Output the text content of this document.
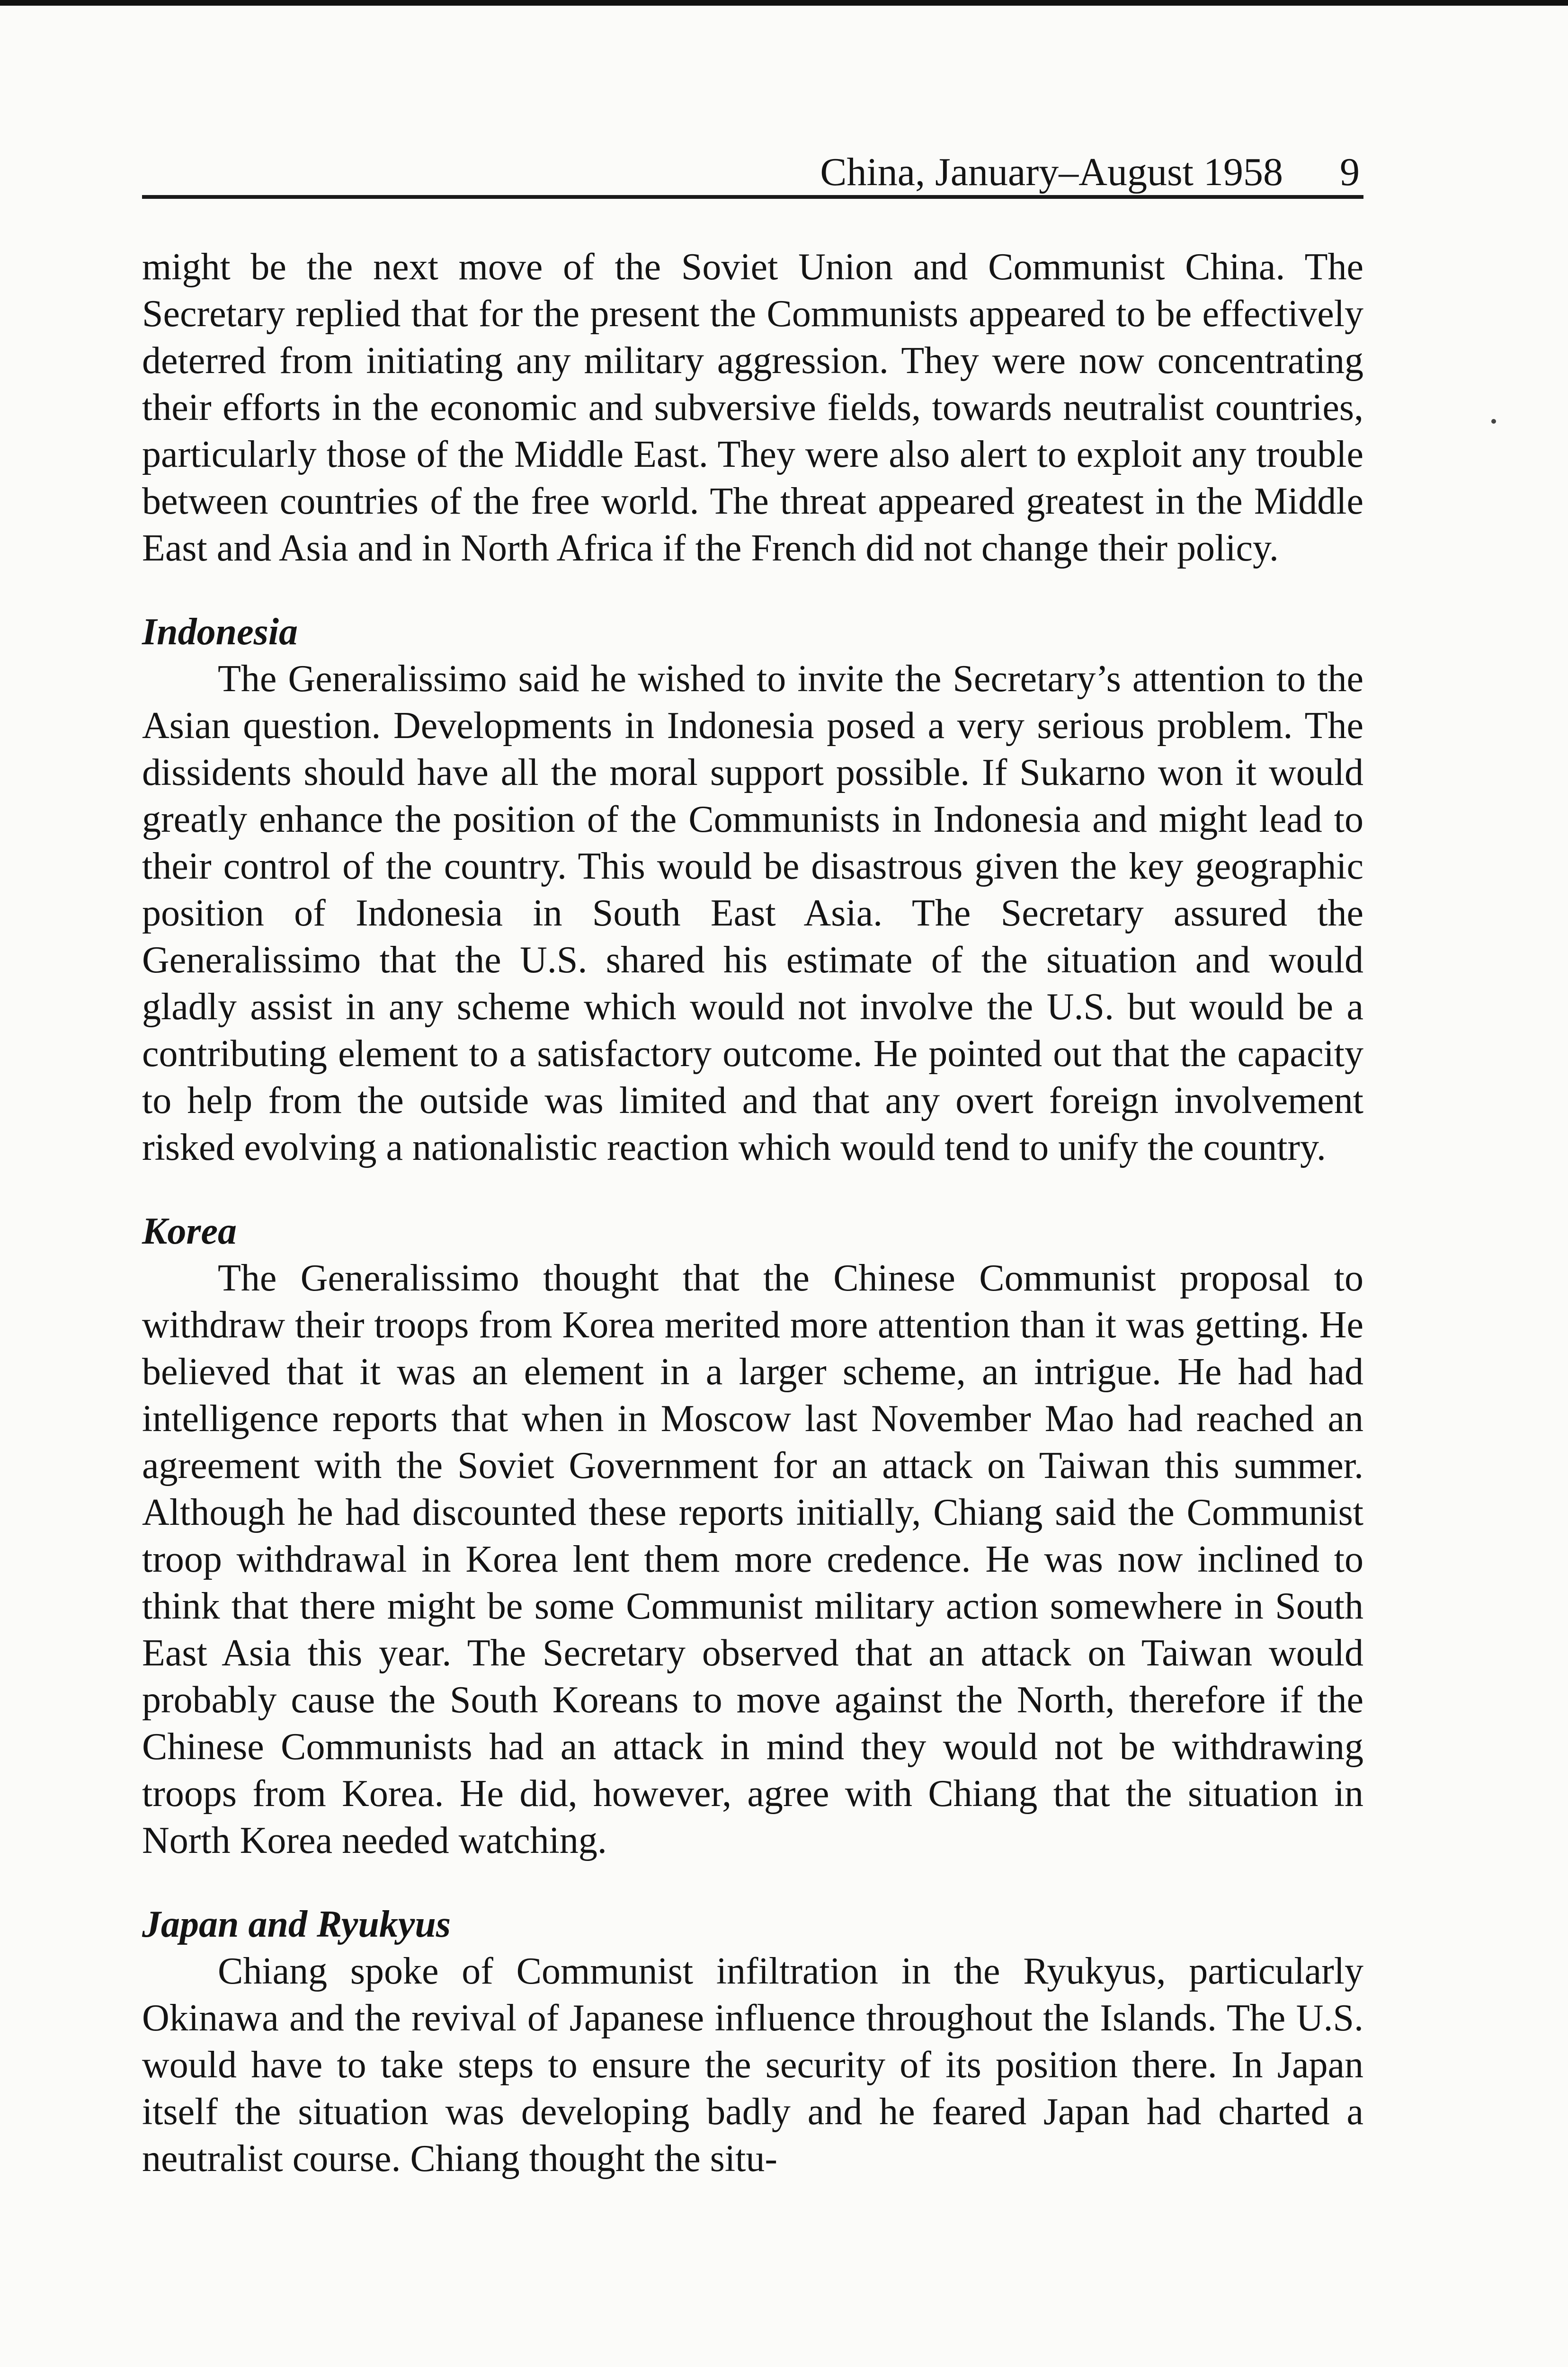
China, January–August 1958 9

might be the next move of the Soviet Union and Communist China. The Secretary replied that for the present the Communists appeared to be effectively deterred from initiating any military aggression. They were now concentrating their efforts in the economic and subversive fields, towards neutralist countries, particularly those of the Middle East. They were also alert to exploit any trouble between countries of the free world. The threat appeared greatest in the Middle East and Asia and in North Africa if the French did not change their policy.

Indonesia

The Generalissimo said he wished to invite the Secretary’s attention to the Asian question. Developments in Indonesia posed a very serious problem. The dissidents should have all the moral support possible. If Sukarno won it would greatly enhance the position of the Communists in Indonesia and might lead to their control of the country. This would be disastrous given the key geographic position of Indonesia in South East Asia. The Secretary assured the Generalissimo that the U.S. shared his estimate of the situation and would gladly assist in any scheme which would not involve the U.S. but would be a contributing element to a satisfactory outcome. He pointed out that the capacity to help from the outside was limited and that any overt foreign involvement risked evolving a nationalistic reaction which would tend to unify the country.

Korea

The Generalissimo thought that the Chinese Communist proposal to withdraw their troops from Korea merited more attention than it was getting. He believed that it was an element in a larger scheme, an intrigue. He had had intelligence reports that when in Moscow last November Mao had reached an agreement with the Soviet Government for an attack on Taiwan this summer. Although he had discounted these reports initially, Chiang said the Communist troop withdrawal in Korea lent them more credence. He was now inclined to think that there might be some Communist military action somewhere in South East Asia this year. The Secretary observed that an attack on Taiwan would probably cause the South Koreans to move against the North, therefore if the Chinese Communists had an attack in mind they would not be withdrawing troops from Korea. He did, however, agree with Chiang that the situation in North Korea needed watching.

Japan and Ryukyus

Chiang spoke of Communist infiltration in the Ryukyus, particularly Okinawa and the revival of Japanese influence throughout the Islands. The U.S. would have to take steps to ensure the security of its position there. In Japan itself the situation was developing badly and he feared Japan had charted a neutralist course. Chiang thought the situ-
